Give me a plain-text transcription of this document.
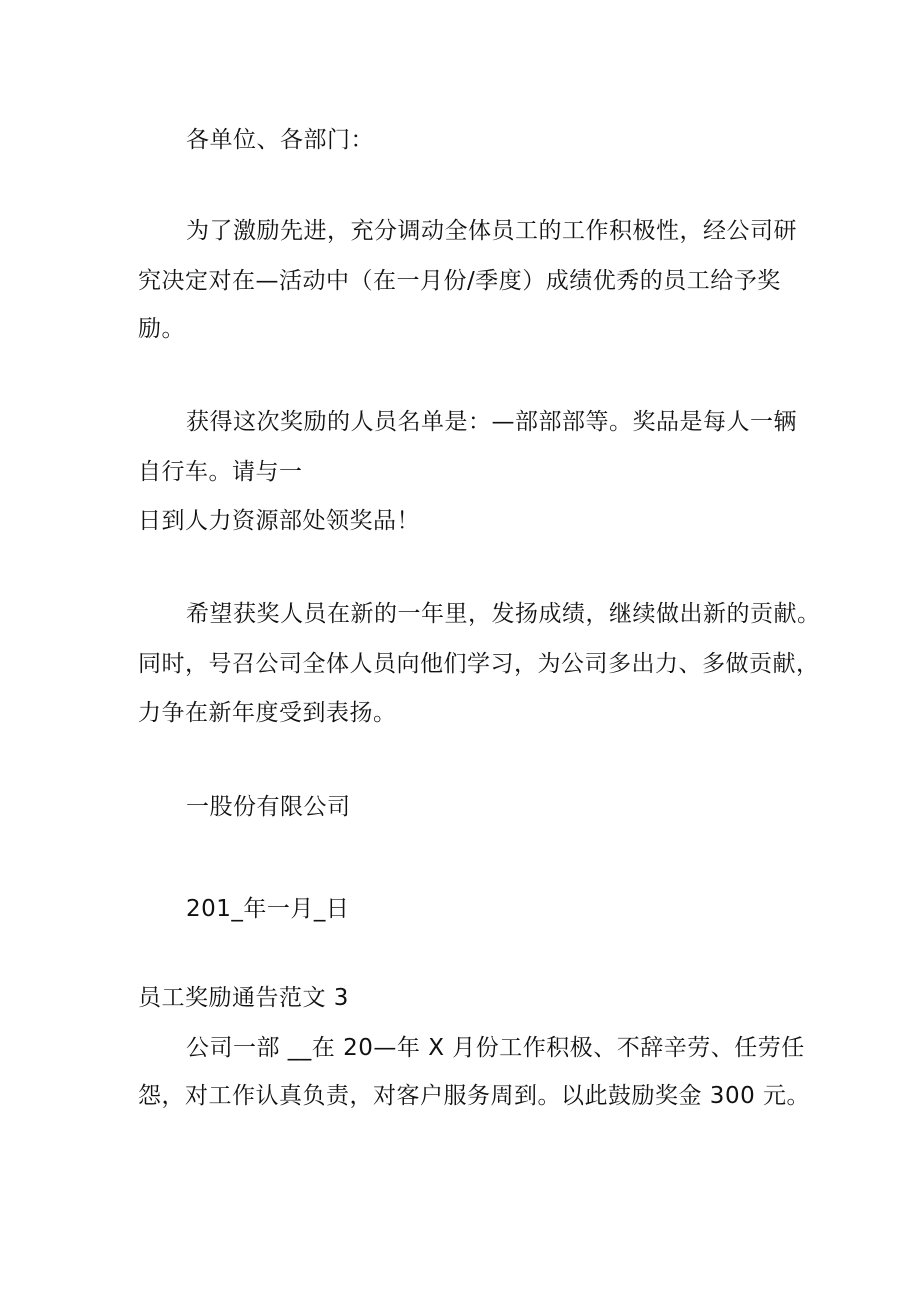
各单位、各部门：
为了激励先进，充分调动全体员工的工作积极性，经公司研
究决定对在—活动中（在一月份/季度）成绩优秀的员工给予奖
励。
获得这次奖励的人员名单是：—部部部等。奖品是每人一辆
自行车。请与一
日到人力资源部处领奖品！
希望获奖人员在新的一年里，发扬成绩，继续做出新的贡献。
同时，号召公司全体人员向他们学习，为公司多出力、多做贡献，
力争在新年度受到表扬。
一股份有限公司
201_年一月_日
员工奖励通告范文 3
公司一部 __在 20—年 X 月份工作积极、不辞辛劳、任劳任
怨，对工作认真负责，对客户服务周到。以此鼓励奖金 300 元。
